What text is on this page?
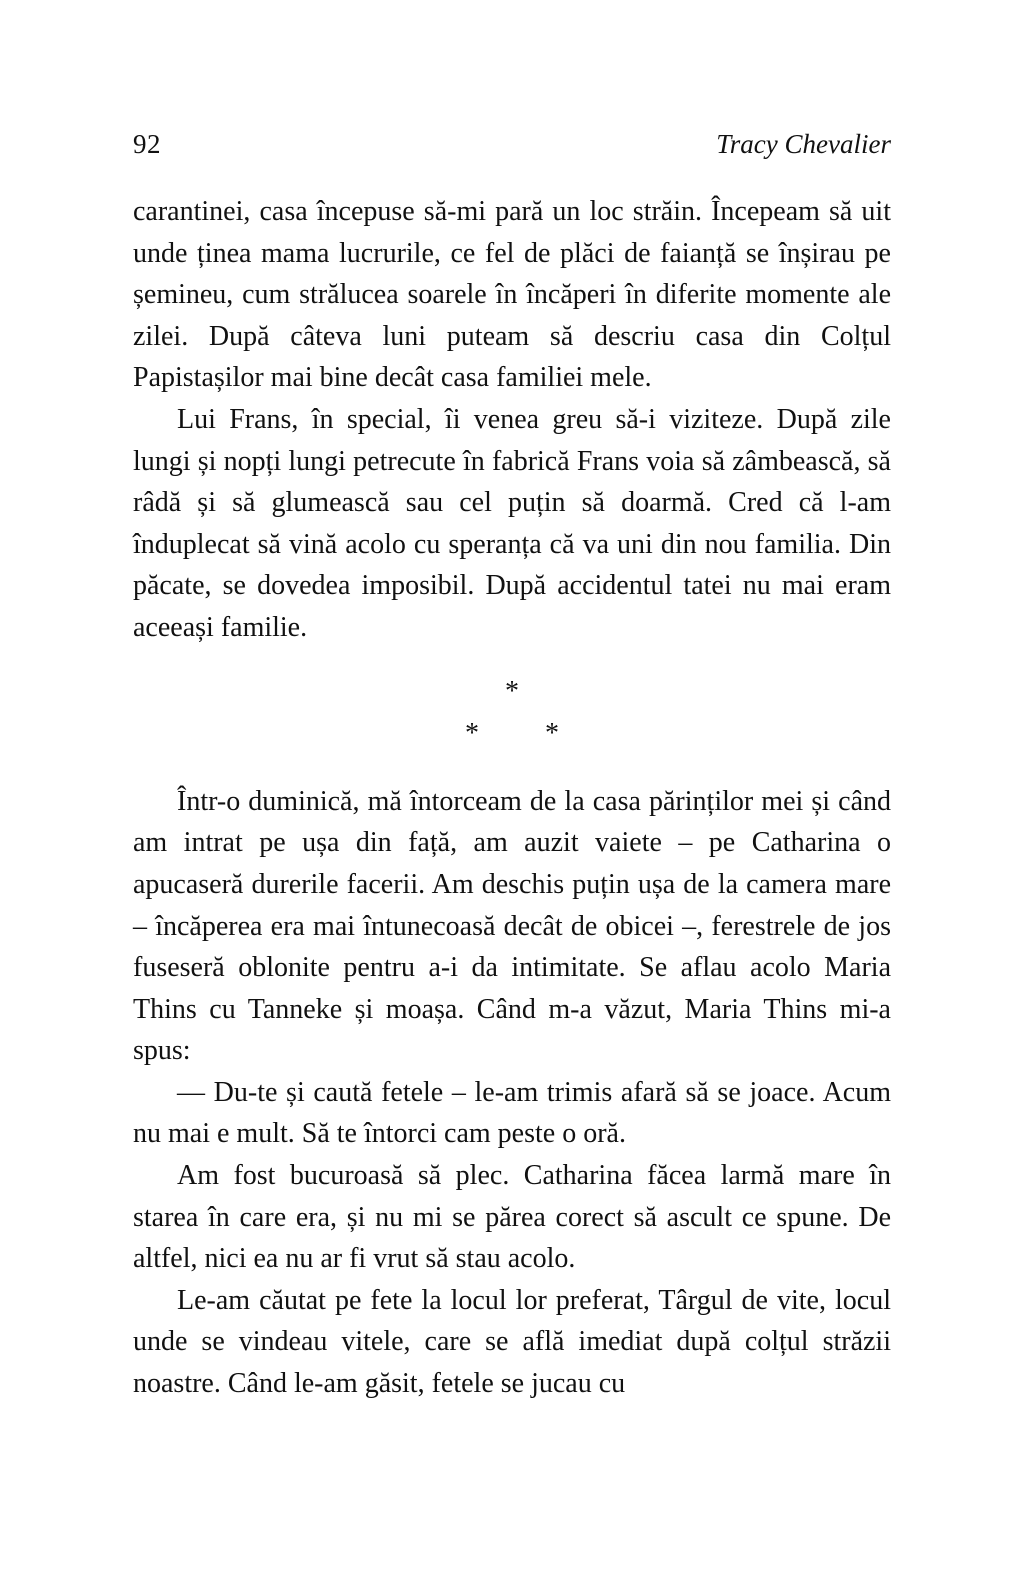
92	Tracy Chevalier

carantinei, casa începuse să-mi pară un loc străin. Începeam să uit unde ținea mama lucrurile, ce fel de plăci de faianță se înșirau pe șemineu, cum strălucea soarele în încăperi în diferite momente ale zilei. După câteva luni puteam să descriu casa din Colțul Papistașilor mai bine decât casa familiei mele.

Lui Frans, în special, îi venea greu să-i viziteze. După zile lungi și nopți lungi petrecute în fabrică Frans voia să zâmbească, să râdă și să glumească sau cel puțin să doarmă. Cred că l-am înduplecat să vină acolo cu speranța că va uni din nou familia. Din păcate, se dovedea imposibil. După accidentul tatei nu mai eram aceeași familie.

*
* *

Într-o duminică, mă întorceam de la casa părinților mei și când am intrat pe ușa din față, am auzit vaiete – pe Catharina o apucaseră durerile facerii. Am deschis puțin ușa de la camera mare – încăperea era mai întunecoasă decât de obicei –, ferestrele de jos fuseseră oblonite pentru a-i da intimitate. Se aflau acolo Maria Thins cu Tanneke și moașa. Când m-a văzut, Maria Thins mi-a spus:

— Du-te și caută fetele – le-am trimis afară să se joace. Acum nu mai e mult. Să te întorci cam peste o oră.

Am fost bucuroasă să plec. Catharina făcea larmă mare în starea în care era, și nu mi se părea corect să ascult ce spune. De altfel, nici ea nu ar fi vrut să stau acolo.

Le-am căutat pe fete la locul lor preferat, Târgul de vite, locul unde se vindeau vitele, care se află imediat după colțul străzii noastre. Când le-am găsit, fetele se jucau cu
